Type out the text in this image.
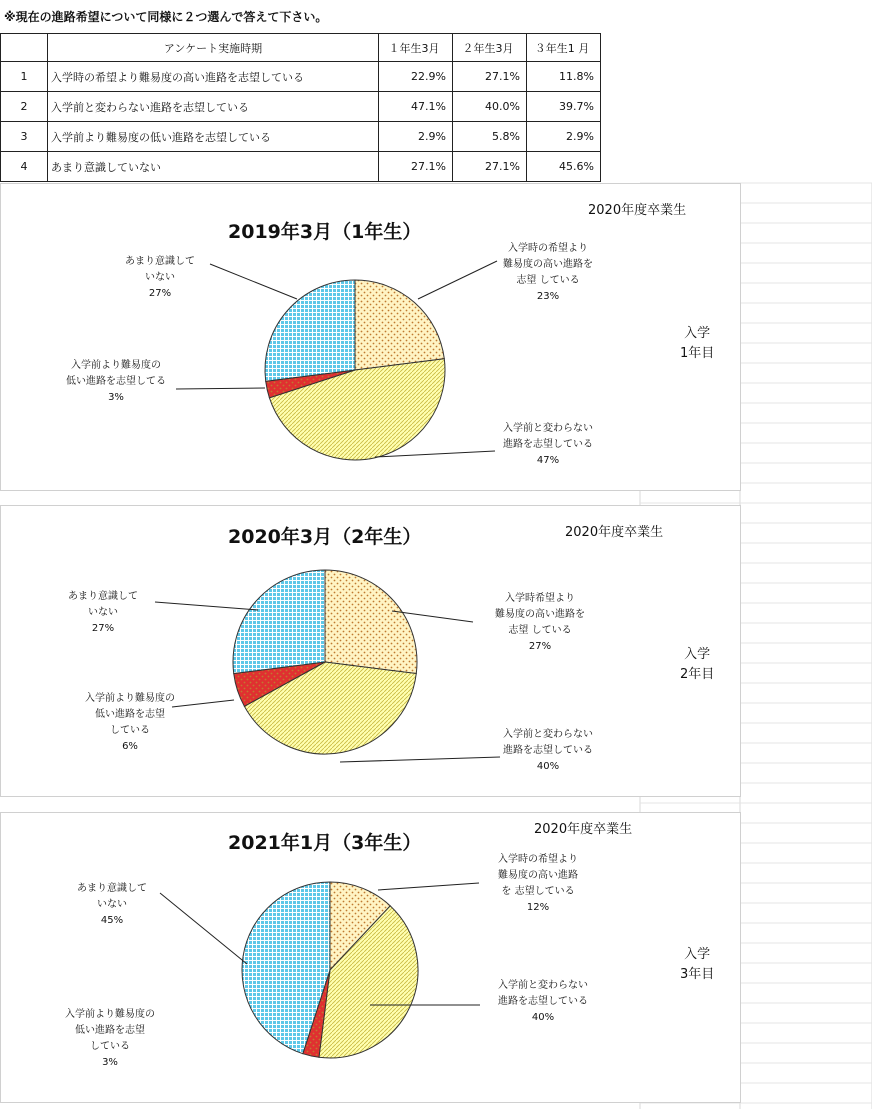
※現在の進路希望について同様に２つ選んで答えて下さい。
	アンケート実施時期	１年生3月	２年生3月	３年生1 月
1	入学時の希望より難易度の高い進路を志望している	22.9%	27.1%	11.8%
2	入学前と変わらない進路を志望している	47.1%	40.0%	39.7%
3	入学前より難易度の低い進路を志望している	2.9%	5.8%	2.9%
4	あまり意識していない	27.1%	27.1%	45.6%
2019年3月（1年生）
2020年度卒業生
入学
1年目
入学時の希望より
難易度の高い進路を
志望 している
23%
入学前と変わらない
進路を志望している
47%
入学前より難易度の
低い進路を志望してる
3%
あまり意識して
いない
27%
2020年3月（2年生）	2020年度卒業生
入学
2年目
入学時希望より
難易度の高い進路を
志望 している
27%
入学前と変わらない
進路を志望している
40%
入学前より難易度の
低い進路を志望
している
6%
あまり意識して
いない
27%
2021年1月（3年生）
2020年度卒業生
入学
3年目
入学時の希望より
難易度の高い進路
を 志望している
12%
入学前と変わらない
進路を志望している
40%
入学前より難易度の
低い進路を志望
している
3%
あまり意識して
いない
45%
